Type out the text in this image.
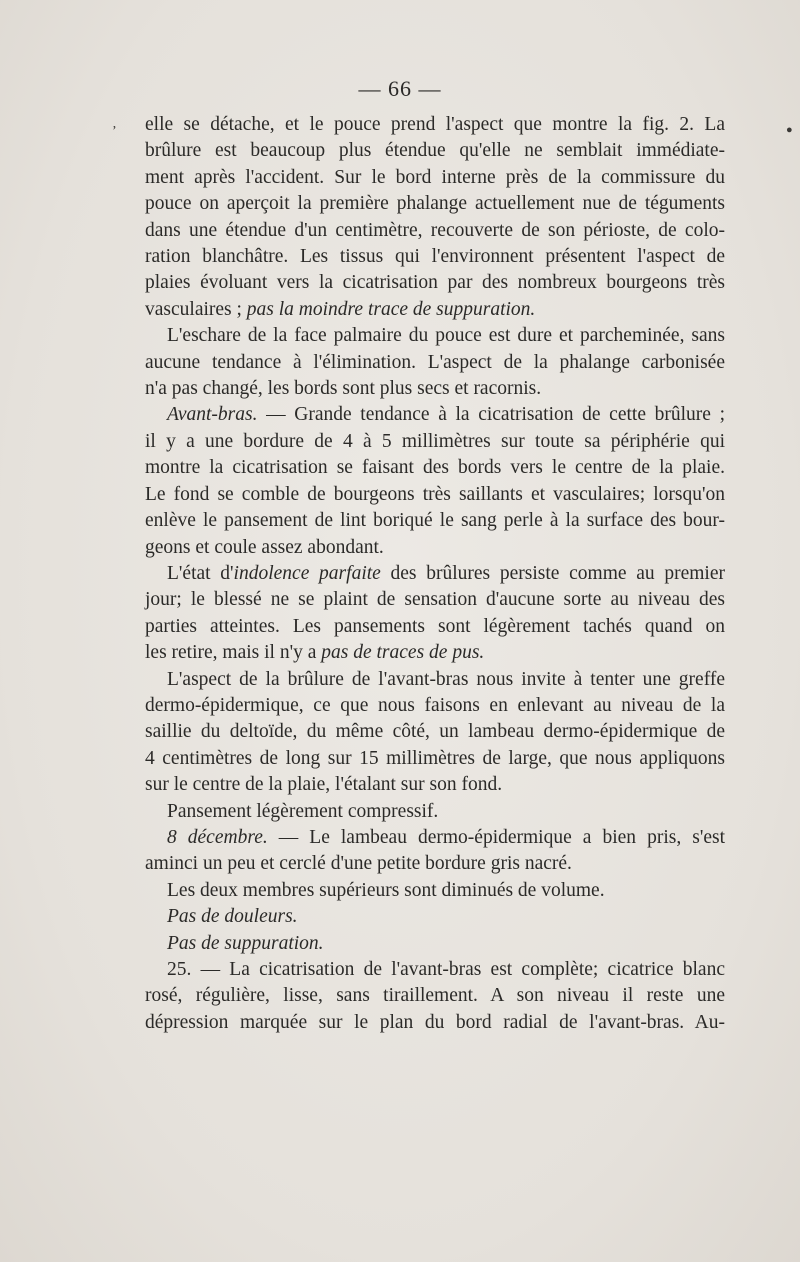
— 66 —

elle se détache, et le pouce prend l'aspect que montre la fig. 2. La

brûlure est beaucoup plus étendue qu'elle ne semblait immédiate-

ment après l'accident. Sur le bord interne près de la commissure du

pouce on aperçoit la première phalange actuellement nue de téguments

dans une étendue d'un centimètre, recouverte de son périoste, de colo-

ration blanchâtre. Les tissus qui l'environnent présentent l'aspect de

plaies évoluant vers la cicatrisation par des nombreux bourgeons très

vasculaires ; pas la moindre trace de suppuration.

L'eschare de la face palmaire du pouce est dure et parcheminée, sans

aucune tendance à l'élimination. L'aspect de la phalange carbonisée

n'a pas changé, les bords sont plus secs et racornis.

Avant-bras. — Grande tendance à la cicatrisation de cette brûlure ;

il y a une bordure de 4 à 5 millimètres sur toute sa périphérie qui

montre la cicatrisation se faisant des bords vers le centre de la plaie.

Le fond se comble de bourgeons très saillants et vasculaires; lorsqu'on

enlève le pansement de lint boriqué le sang perle à la surface des bour-

geons et coule assez abondant.

L'état d'indolence parfaite des brûlures persiste comme au premier

jour; le blessé ne se plaint de sensation d'aucune sorte au niveau des

parties atteintes. Les pansements sont légèrement tachés quand on

les retire, mais il n'y a pas de traces de pus.

L'aspect de la brûlure de l'avant-bras nous invite à tenter une greffe

dermo-épidermique, ce que nous faisons en enlevant au niveau de la

saillie du deltoïde, du même côté, un lambeau dermo-épidermique de

4 centimètres de long sur 15 millimètres de large, que nous appliquons

sur le centre de la plaie, l'étalant sur son fond.

Pansement légèrement compressif.

8 décembre. — Le lambeau dermo-épidermique a bien pris, s'est

aminci un peu et cerclé d'une petite bordure gris nacré.

Les deux membres supérieurs sont diminués de volume.

Pas de douleurs.

Pas de suppuration.

25. — La cicatrisation de l'avant-bras est complète; cicatrice blanc

rosé, régulière, lisse, sans tiraillement. A son niveau il reste une

dépression marquée sur le plan du bord radial de l'avant-bras. Au-

’	●
